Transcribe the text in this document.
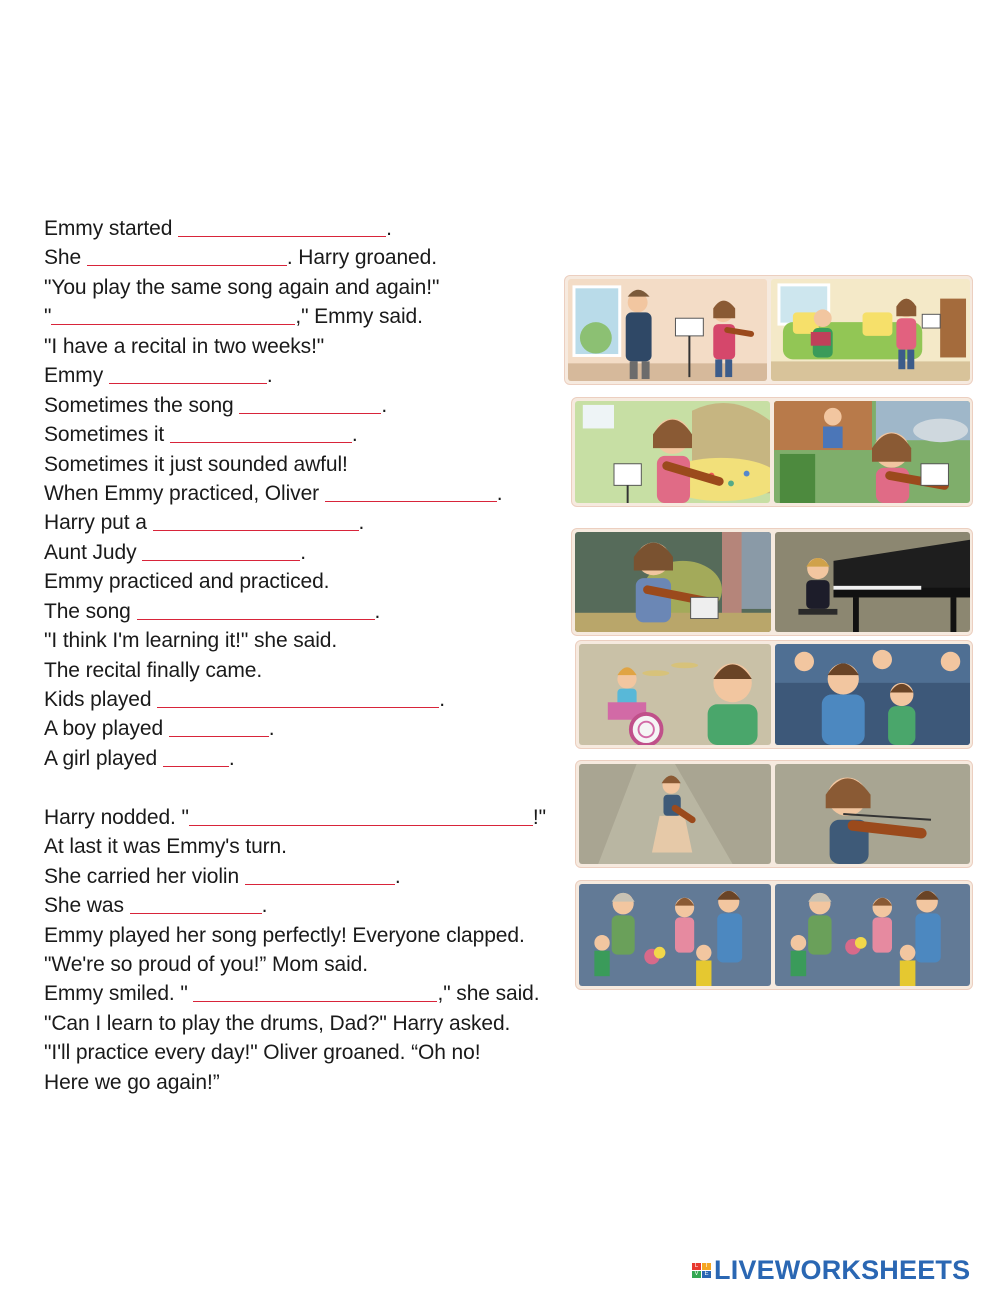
Emmy started	.
She	. Harry groaned.
"You play the same song again and again!"
"	," Emmy said.
"I have a recital in two weeks!"
Emmy	.
Sometimes the song	.
Sometimes it	.
Sometimes it just sounded awful!
When Emmy practiced, Oliver	.
Harry put a	.
Aunt Judy	.
Emmy practiced and practiced.
The song	.
"I think I'm learning it!" she said.
The recital finally came.
Kids played	.
A boy played	.
A girl played	.
Harry nodded. "	!"
At last it was Emmy's turn.
She carried her violin	.
She was	.
Emmy played her song perfectly! Everyone clapped.
"We're so proud of you!” Mom said.
Emmy smiled. "	," she said.
"Can I learn to play the drums, Dad?" Harry asked.
"I'll practice every day!" Oliver groaned. “Oh no!
Here we go again!”
L	I
V E LIVEWORKSHEETS
